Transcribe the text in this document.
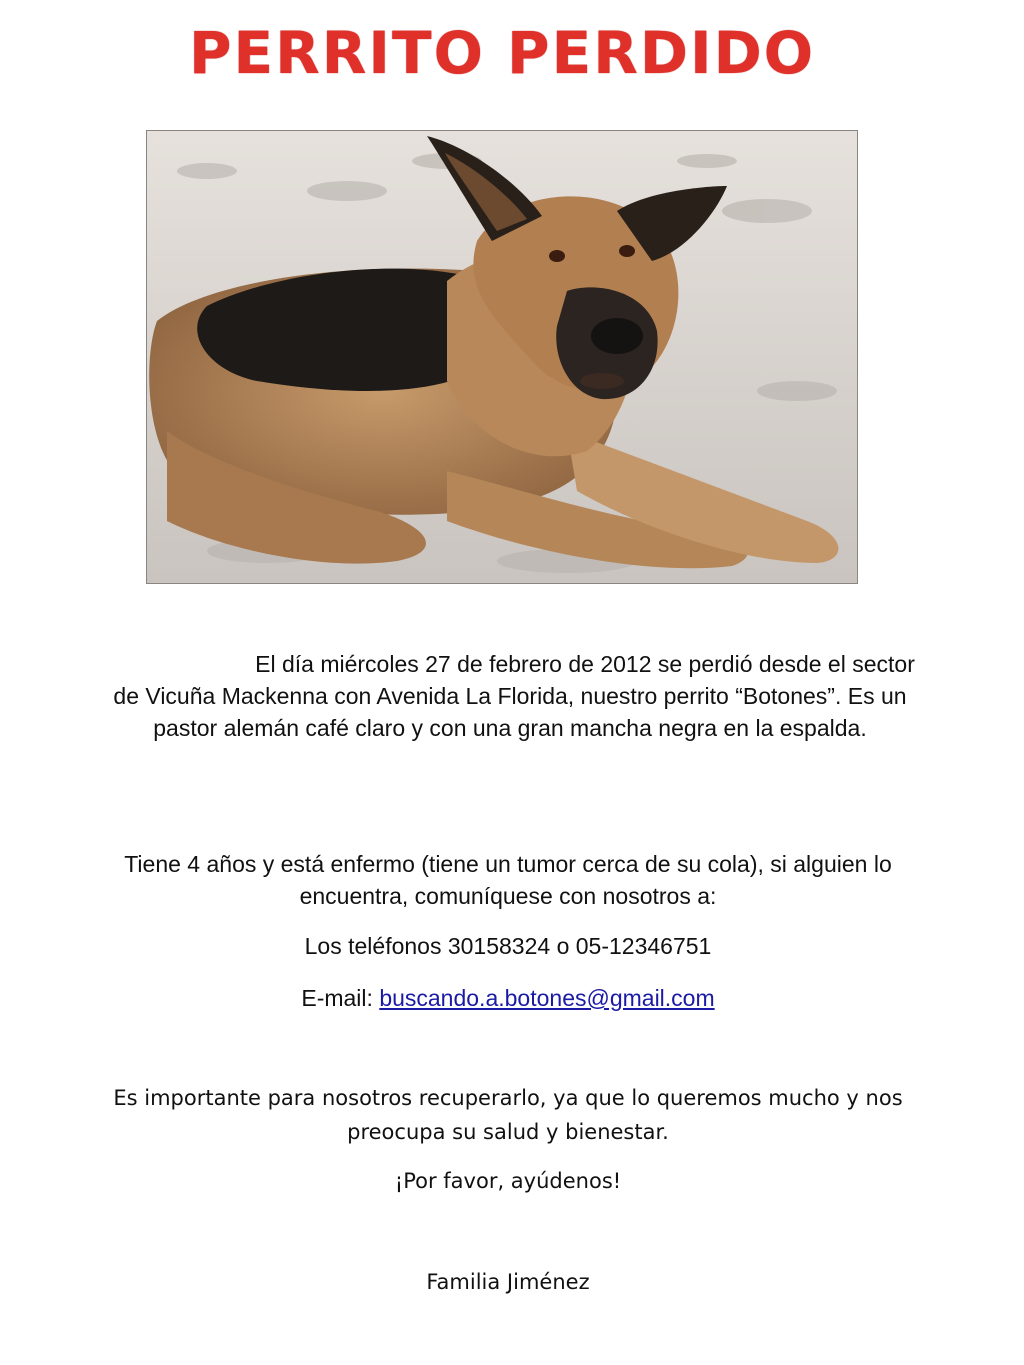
PERRITO PERDIDO
El día miércoles 27 de febrero de 2012 se perdió desde el sector de Vicuña Mackenna con Avenida La Florida, nuestro perrito “Botones”. Es un pastor alemán café claro y con una gran mancha negra en la espalda.
Tiene 4 años y está enfermo (tiene un tumor cerca de su cola), si alguien lo encuentra, comuníquese con nosotros a:
Los teléfonos 30158324 o 05-12346751
E-mail: buscando.a.botones@gmail.com
Es importante para nosotros recuperarlo, ya que lo queremos mucho y nos preocupa su salud y bienestar.
¡Por favor, ayúdenos!
Familia Jiménez
